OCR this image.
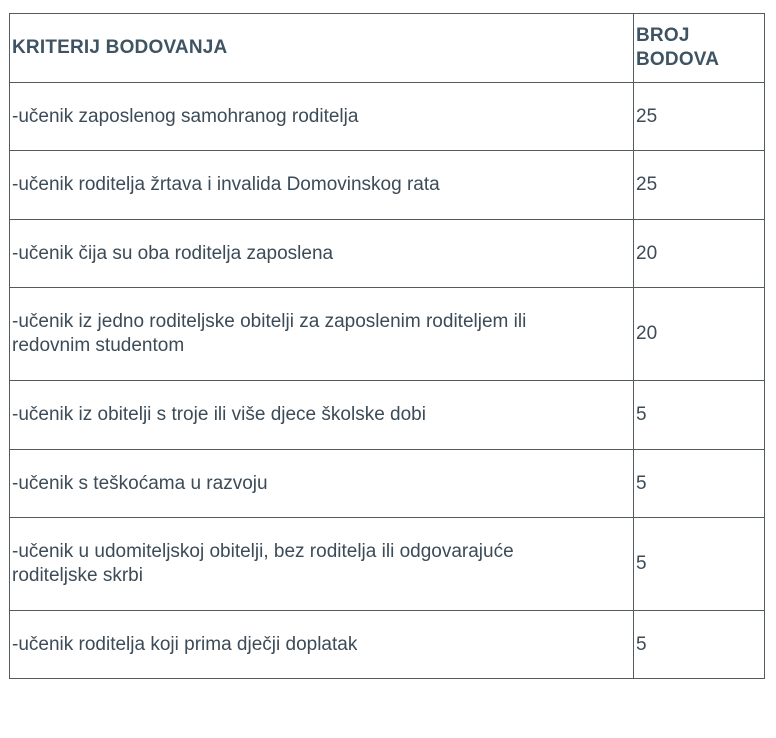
KRITERIJ BODOVANJA	BROJ
BODOVA
-učenik zaposlenog samohranog roditelja	25
-učenik roditelja žrtava i invalida Domovinskog rata	25
-učenik čija su oba roditelja zaposlena	20
-učenik iz jedno roditeljske obitelji za zaposlenim roditeljem ili
redovnim studentom	20
-učenik iz obitelji s troje ili više djece školske dobi	5
-učenik s teškoćama u razvoju	5
-učenik u udomiteljskoj obitelji, bez roditelja ili odgovarajuće
roditeljske skrbi	5
-učenik roditelja koji prima dječji doplatak	5
